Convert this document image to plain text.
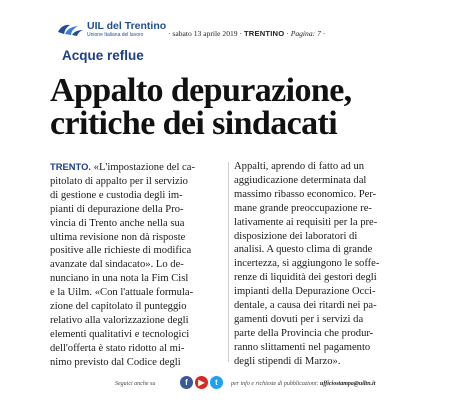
UIL del Trentino
Unione Italiana del lavoro	· sabato 13 aprile 2019 · TRENTINO · Pagina: 7 ·
Acque reflue
Appalto depurazione,
critiche dei sindacati
TRENTO. «L'impostazione del ca-
pitolato di appalto per il servizio
di gestione e custodia degli im-
pianti di depurazione della Pro-
vincia di Trento anche nella sua
ultima revisione non dà risposte
positive alle richieste di modifica
avanzate dal sindacato». Lo de-
nunciano in una nota la Fim Cisl
e la Uilm. «Con l'attuale formula-
zione del capitolato il punteggio
relativo alla valorizzazione degli
elementi qualitativi e tecnologici
dell'offerta è stato ridotto al mi-
nimo previsto dal Codice degli
Appalti, aprendo di fatto ad un
aggiudicazione determinata dal
massimo ribasso economico. Per-
mane grande preoccupazione re-
lativamente ai requisiti per la pre-
disposizione dei laboratori di
analisi. A questo clima di grande
incertezza, si aggiungono le soffe-
renze di liquidità dei gestori degli
impianti della Depurazione Occi-
dentale, a causa dei ritardi nei pa-
gamenti dovuti per i servizi da
parte della Provincia che produr-
ranno slittamenti nel pagamento
degli stipendi di Marzo».
Seguici anche su	f	▶	t	per info e richieste di pubblicazioni: ufficiostampa@uiltn.it
